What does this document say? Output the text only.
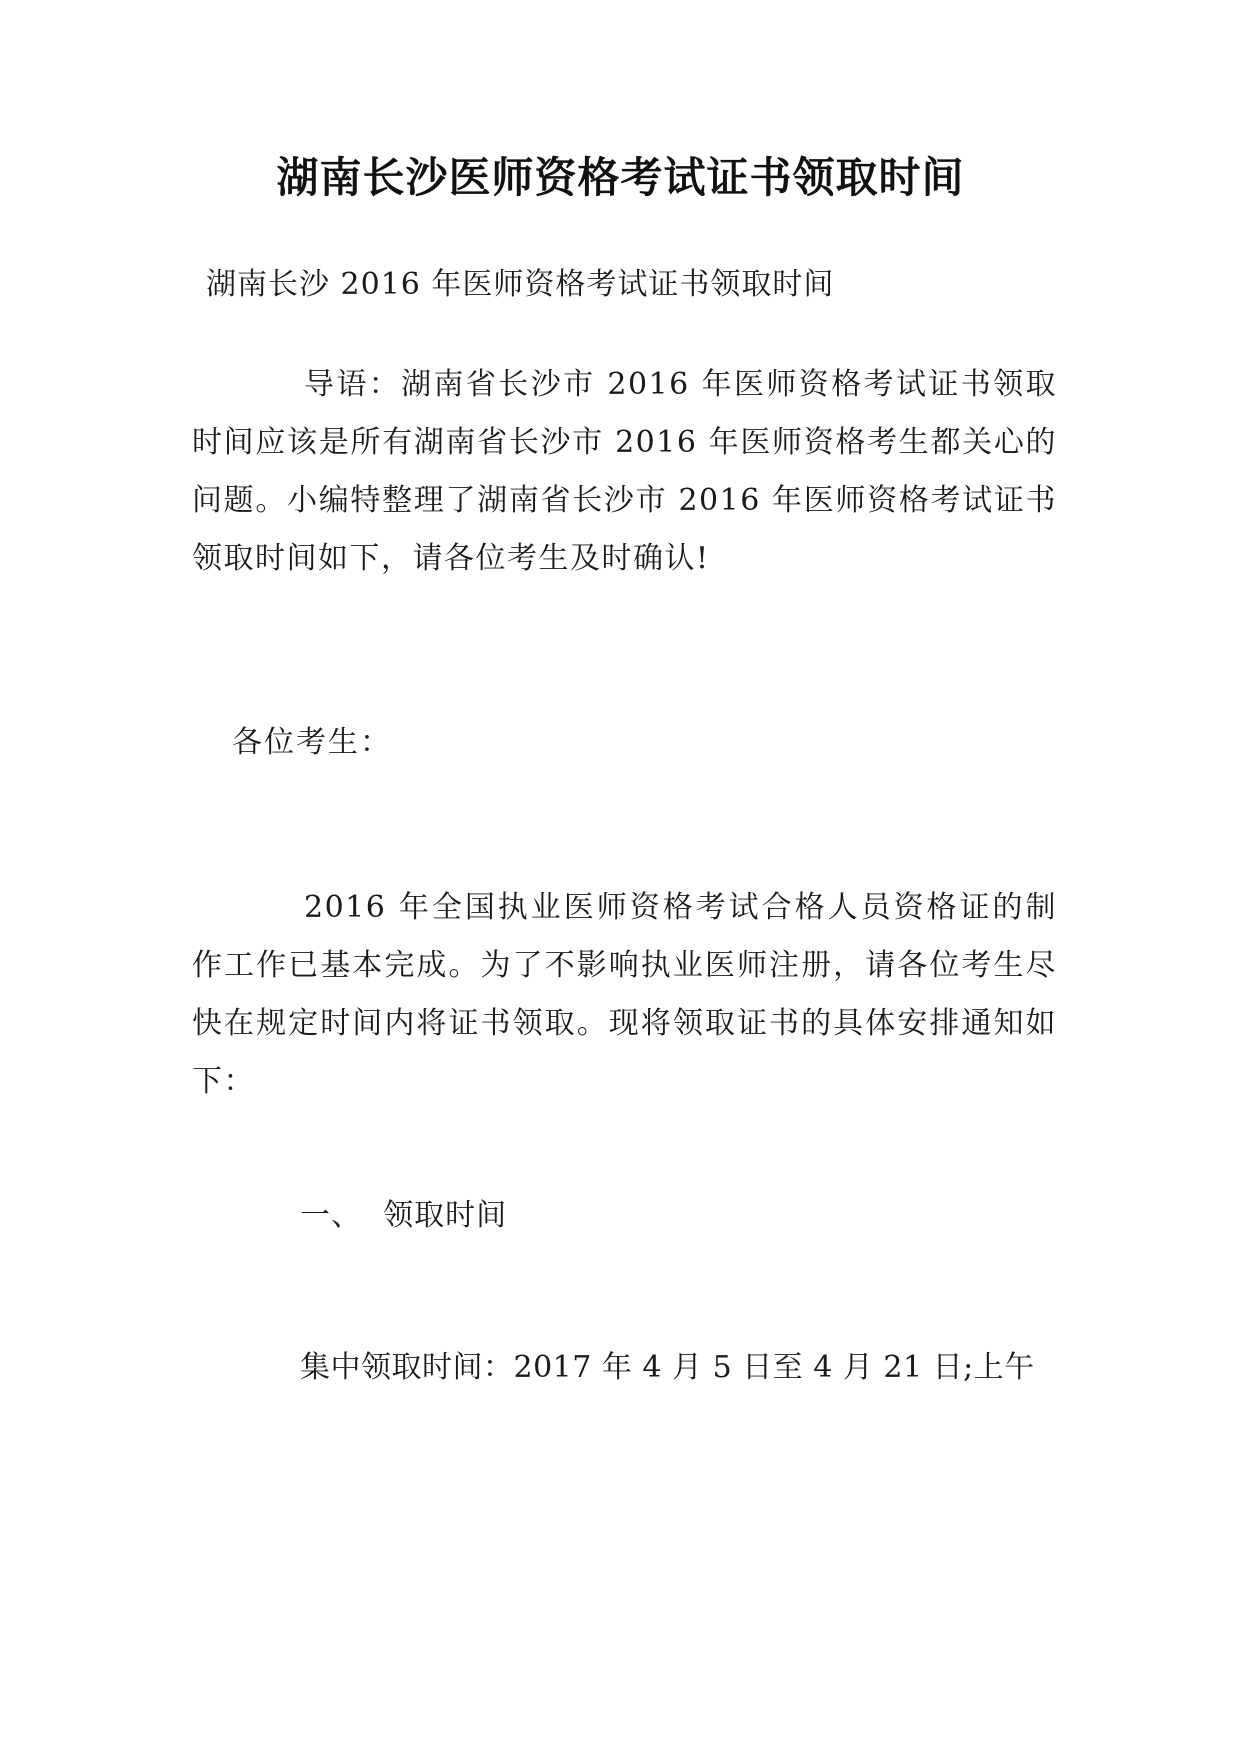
湖南长沙医师资格考试证书领取时间

湖南长沙 2016 年医师资格考试证书领取时间

导语：湖南省长沙市 2016 年医师资格考试证书领取时间应该是所有湖南省长沙市 2016 年医师资格考生都关心的问题。小编特整理了湖南省长沙市 2016 年医师资格考试证书领取时间如下，请各位考生及时确认!

各位考生：

2016 年全国执业医师资格考试合格人员资格证的制作工作已基本完成。为了不影响执业医师注册，请各位考生尽快在规定时间内将证书领取。现将领取证书的具体安排通知如下：

一、  领取时间

集中领取时间：2017 年 4 月 5 日至 4 月 21 日;上午
